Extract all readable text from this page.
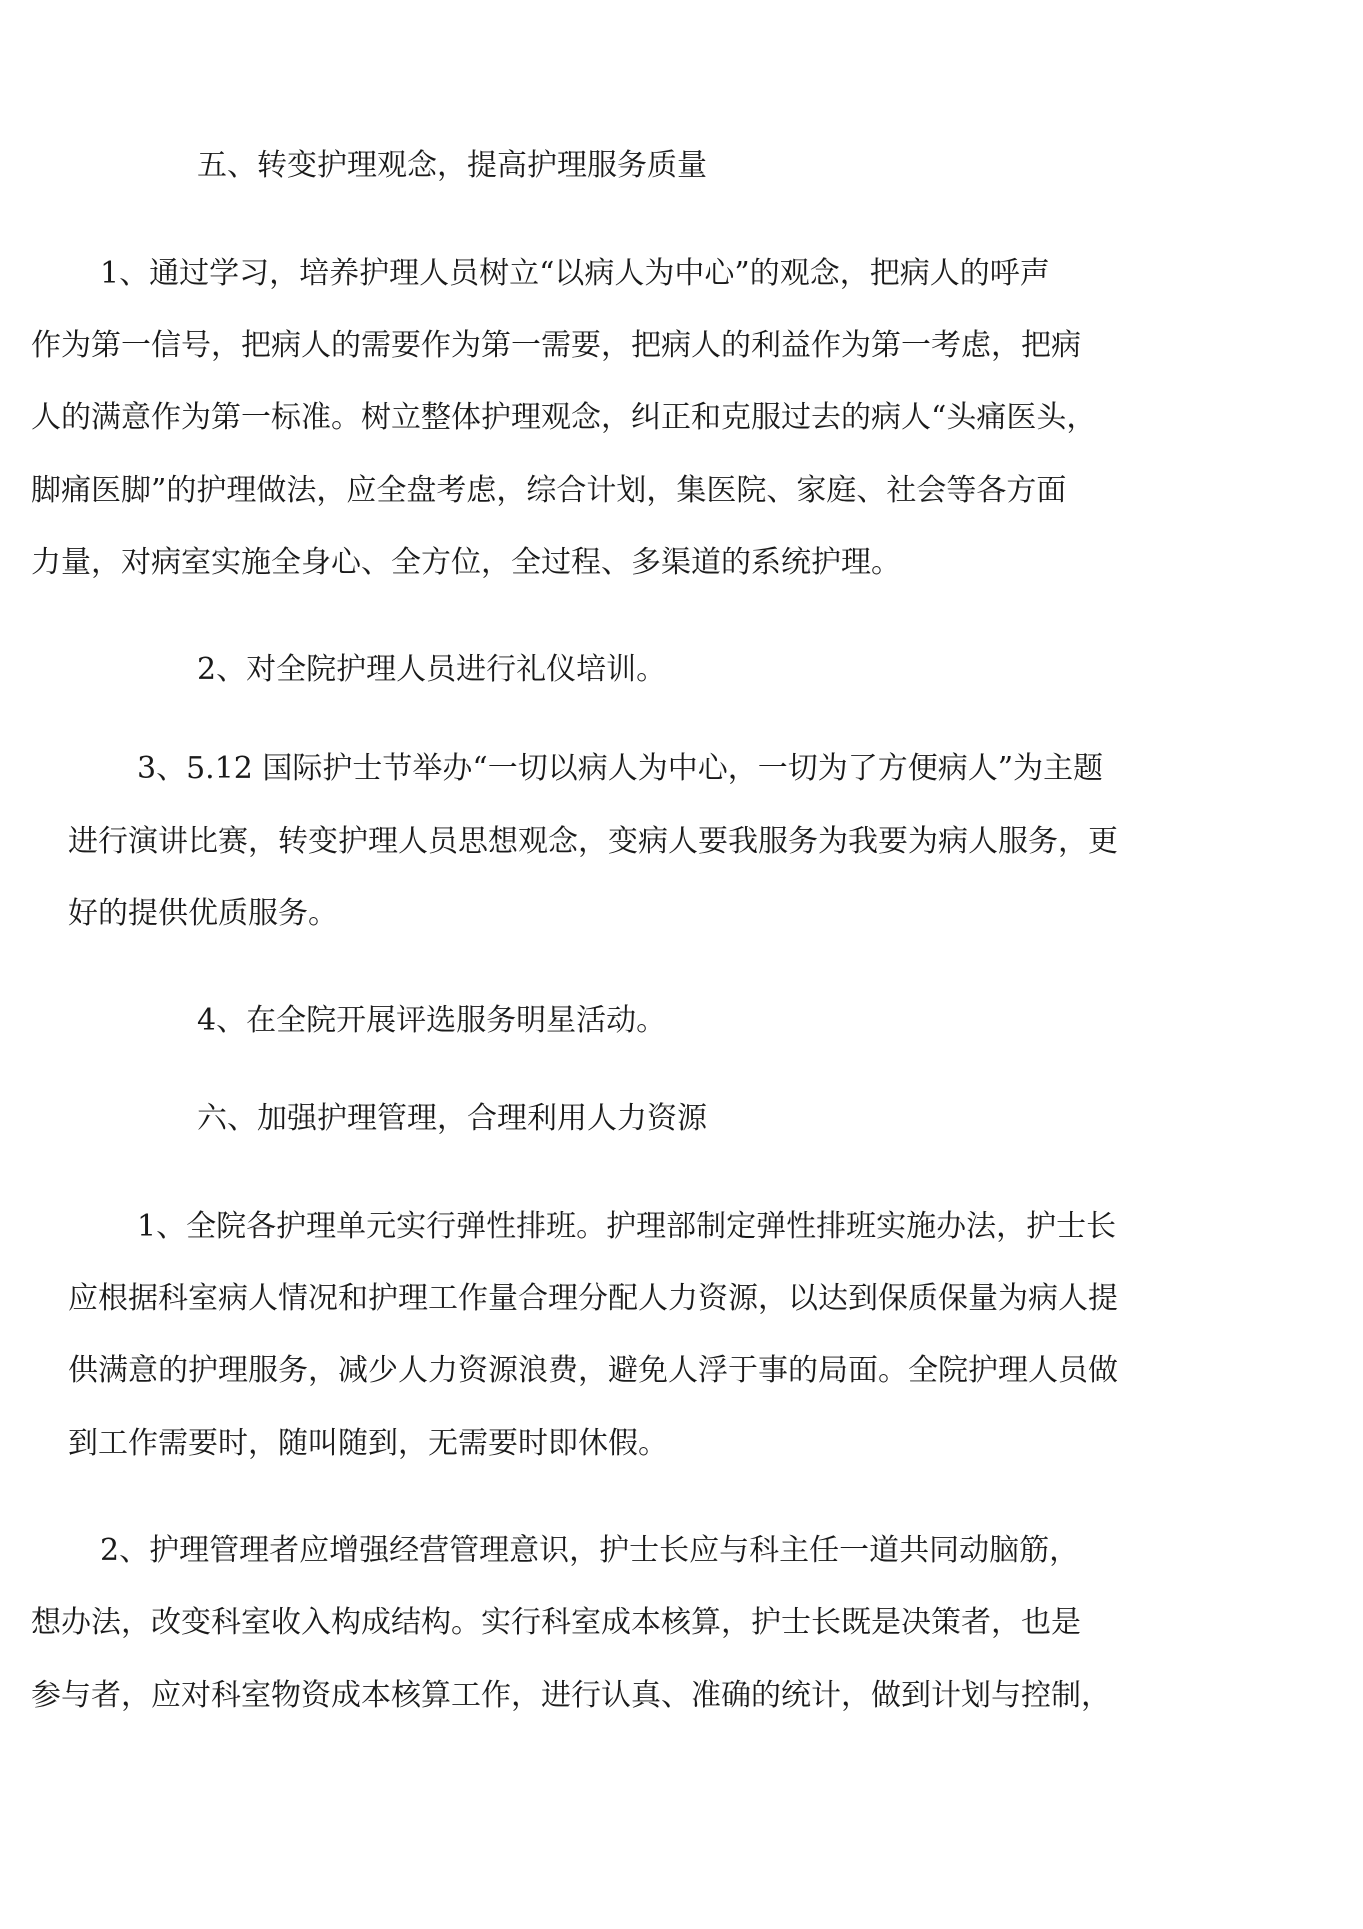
五、转变护理观念，提高护理服务质量

1、通过学习，培养护理人员树立“以病人为中心”的观念，把病人的呼声

作为第一信号，把病人的需要作为第一需要，把病人的利益作为第一考虑，把病

人的满意作为第一标准。树立整体护理观念，纠正和克服过去的病人“头痛医头，

脚痛医脚”的护理做法，应全盘考虑，综合计划，集医院、家庭、社会等各方面

力量，对病室实施全身心、全方位，全过程、多渠道的系统护理。

2、对全院护理人员进行礼仪培训。

3、5.12 国际护士节举办“一切以病人为中心，一切为了方便病人”为主题

进行演讲比赛，转变护理人员思想观念，变病人要我服务为我要为病人服务，更

好的提供优质服务。

4、在全院开展评选服务明星活动。

六、加强护理管理，合理利用人力资源

1、全院各护理单元实行弹性排班。护理部制定弹性排班实施办法，护士长

应根据科室病人情况和护理工作量合理分配人力资源，以达到保质保量为病人提

供满意的护理服务，减少人力资源浪费，避免人浮于事的局面。全院护理人员做

到工作需要时，随叫随到，无需要时即休假。

2、护理管理者应增强经营管理意识，护士长应与科主任一道共同动脑筋，

想办法，改变科室收入构成结构。实行科室成本核算，护士长既是决策者，也是

参与者，应对科室物资成本核算工作，进行认真、准确的统计，做到计划与控制，
